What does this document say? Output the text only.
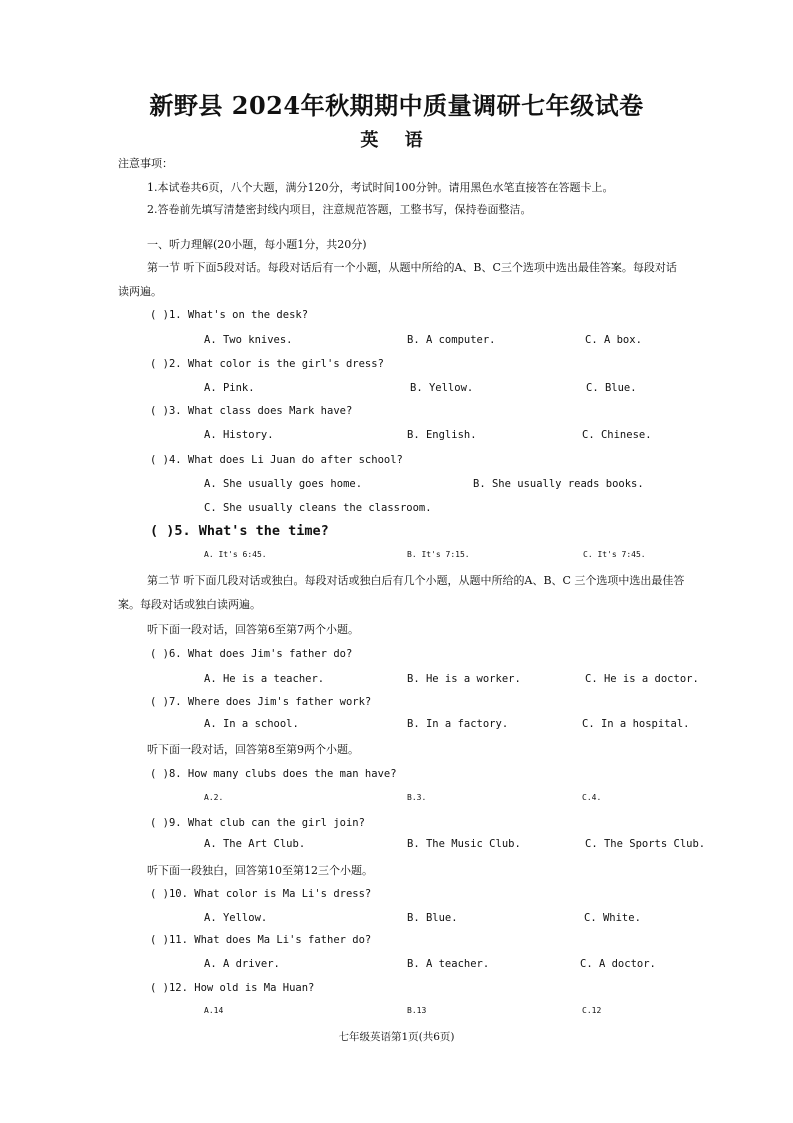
新野县 2024年秋期期中质量调研七年级试卷
英 语
注意事项：
1.本试卷共6页，八个大题，满分120分，考试时间100分钟。请用黑色水笔直接答在答题卡上。
2.答卷前先填写清楚密封线内项目，注意规范答题，工整书写，保持卷面整洁。
一、听力理解(20小题，每小题1分，共20分)
第一节 听下面5段对话。每段对话后有一个小题，从题中所给的A、B、C三个选项中选出最佳答案。每段对话
读两遍。
( )1. What's on the desk?
A. Two knives.	B. A computer.	C. A box.
( )2. What color is the girl's dress?
A. Pink.	B. Yellow.	C. Blue.
( )3. What class does Mark have?
A. History.	B. English.	C. Chinese.
( )4. What does Li Juan do after school?
A. She usually goes home.	B. She usually reads books.
C. She usually cleans the classroom.
( )5. What's the time?
A. It's 6:45.	B. It's 7:15.	C. It's 7:45.
第二节 听下面几段对话或独白。每段对话或独白后有几个小题，从题中所给的A、B、C 三个选项中选出最佳答
案。每段对话或独白读两遍。
听下面一段对话，回答第6至第7两个小题。
( )6. What does Jim's father do?
A. He is a teacher.	B. He is a worker.	C. He is a doctor.
( )7. Where does Jim's father work?
A. In a school.	B. In a factory.	C. In a hospital.
听下面一段对话，回答第8至第9两个小题。
( )8. How many clubs does the man have?
A.2.	B.3.	C.4.
( )9. What club can the girl join?
A. The Art Club.	B. The Music Club.	C. The Sports Club.
听下面一段独白，回答第10至第12三个小题。
( )10. What color is Ma Li's dress?
A. Yellow.	B. Blue.	C. White.
( )11. What does Ma Li's father do?
A. A driver.	B. A teacher.	C. A doctor.
( )12. How old is Ma Huan?
A.14	B.13	C.12
七年级英语第1页(共6页)
